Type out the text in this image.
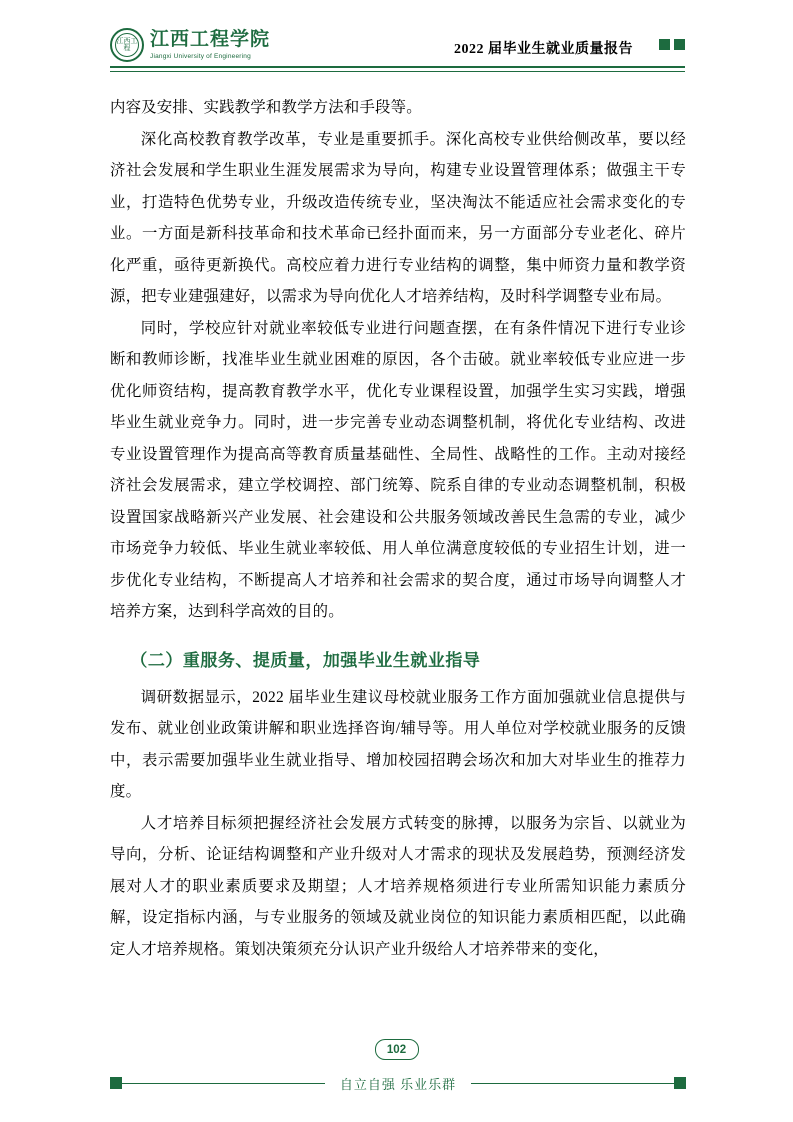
江西工程	江西工程学院
Jiangxi University of Engineering	2022 届毕业生就业质量报告

内容及安排、实践教学和教学方法和手段等。

深化高校教育教学改革，专业是重要抓手。深化高校专业供给侧改革，要以经济社会发展和学生职业生涯发展需求为导向，构建专业设置管理体系；做强主干专业，打造特色优势专业，升级改造传统专业，坚决淘汰不能适应社会需求变化的专业。一方面是新科技革命和技术革命已经扑面而来，另一方面部分专业老化、碎片化严重，亟待更新换代。高校应着力进行专业结构的调整，集中师资力量和教学资源，把专业建强建好，以需求为导向优化人才培养结构，及时科学调整专业布局。

同时，学校应针对就业率较低专业进行问题查摆，在有条件情况下进行专业诊断和教师诊断，找准毕业生就业困难的原因，各个击破。就业率较低专业应进一步优化师资结构，提高教育教学水平，优化专业课程设置，加强学生实习实践，增强毕业生就业竞争力。同时，进一步完善专业动态调整机制，将优化专业结构、改进专业设置管理作为提高高等教育质量基础性、全局性、战略性的工作。主动对接经济社会发展需求，建立学校调控、部门统筹、院系自律的专业动态调整机制，积极设置国家战略新兴产业发展、社会建设和公共服务领域改善民生急需的专业，减少市场竞争力较低、毕业生就业率较低、用人单位满意度较低的专业招生计划，进一步优化专业结构，不断提高人才培养和社会需求的契合度，通过市场导向调整人才培养方案，达到科学高效的目的。

（二）重服务、提质量，加强毕业生就业指导

调研数据显示，2022 届毕业生建议母校就业服务工作方面加强就业信息提供与发布、就业创业政策讲解和职业选择咨询/辅导等。用人单位对学校就业服务的反馈中，表示需要加强毕业生就业指导、增加校园招聘会场次和加大对毕业生的推荐力度。

人才培养目标须把握经济社会发展方式转变的脉搏，以服务为宗旨、以就业为导向，分析、论证结构调整和产业升级对人才需求的现状及发展趋势，预测经济发展对人才的职业素质要求及期望；人才培养规格须进行专业所需知识能力素质分解，设定指标内涵，与专业服务的领域及就业岗位的知识能力素质相匹配，以此确定人才培养规格。策划决策须充分认识产业升级给人才培养带来的变化，

102
自立自强 乐业乐群
